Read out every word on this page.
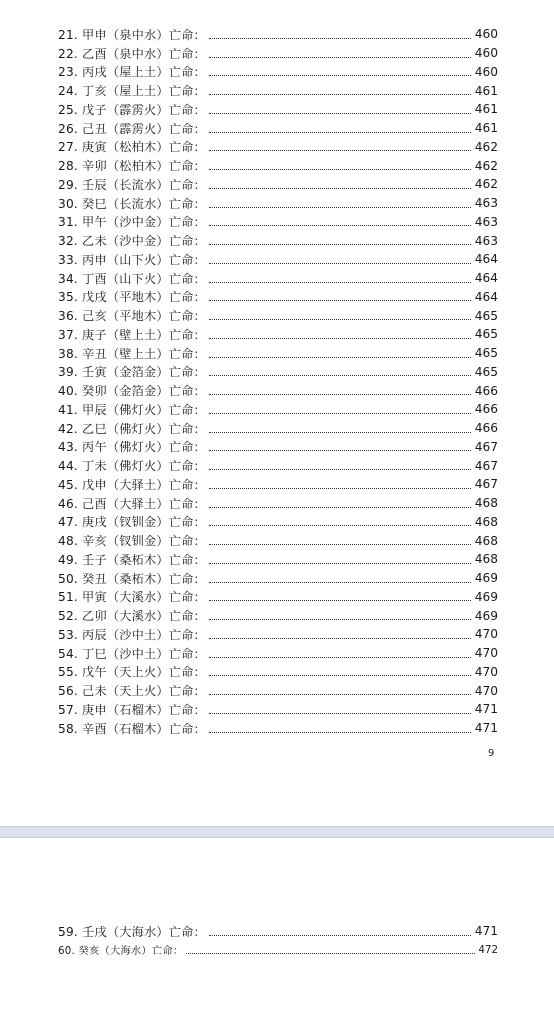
21. 甲申（泉中水）亡命：	460
22. 乙酉（泉中水）亡命：	460
23. 丙戌（屋上土）亡命：	460
24. 丁亥（屋上土）亡命：	461
25. 戊子（霹雳火）亡命：	461
26. 己丑（霹雳火）亡命：	461
27. 庚寅（松柏木）亡命：	462
28. 辛卯（松柏木）亡命：	462
29. 壬辰（长流水）亡命：	462
30. 癸巳（长流水）亡命：	463
31. 甲午（沙中金）亡命：	463
32. 乙未（沙中金）亡命：	463
33. 丙申（山下火）亡命：	464
34. 丁酉（山下火）亡命：	464
35. 戊戌（平地木）亡命：	464
36. 己亥（平地木）亡命：	465
37. 庚子（壁上土）亡命：	465
38. 辛丑（壁上土）亡命：	465
39. 壬寅（金箔金）亡命：	465
40. 癸卯（金箔金）亡命：	466
41. 甲辰（佛灯火）亡命：	466
42. 乙巳（佛灯火）亡命：	466
43. 丙午（佛灯火）亡命：	467
44. 丁未（佛灯火）亡命：	467
45. 戊申（大驿土）亡命：	467
46. 己酉（大驿土）亡命：	468
47. 庚戌（钗钏金）亡命：	468
48. 辛亥（钗钏金）亡命：	468
49. 壬子（桑柘木）亡命：	468
50. 癸丑（桑柘木）亡命：	469
51. 甲寅（大溪水）亡命：	469
52. 乙卯（大溪水）亡命：	469
53. 丙辰（沙中土）亡命：	470
54. 丁巳（沙中土）亡命：	470
55. 戊午（天上火）亡命：	470
56. 己未（天上火）亡命：	470
57. 庚申（石榴木）亡命：	471
58. 辛酉（石榴木）亡命：	471
9
59. 壬戌（大海水）亡命：	471
60. 癸亥（大海水）亡命：	472
